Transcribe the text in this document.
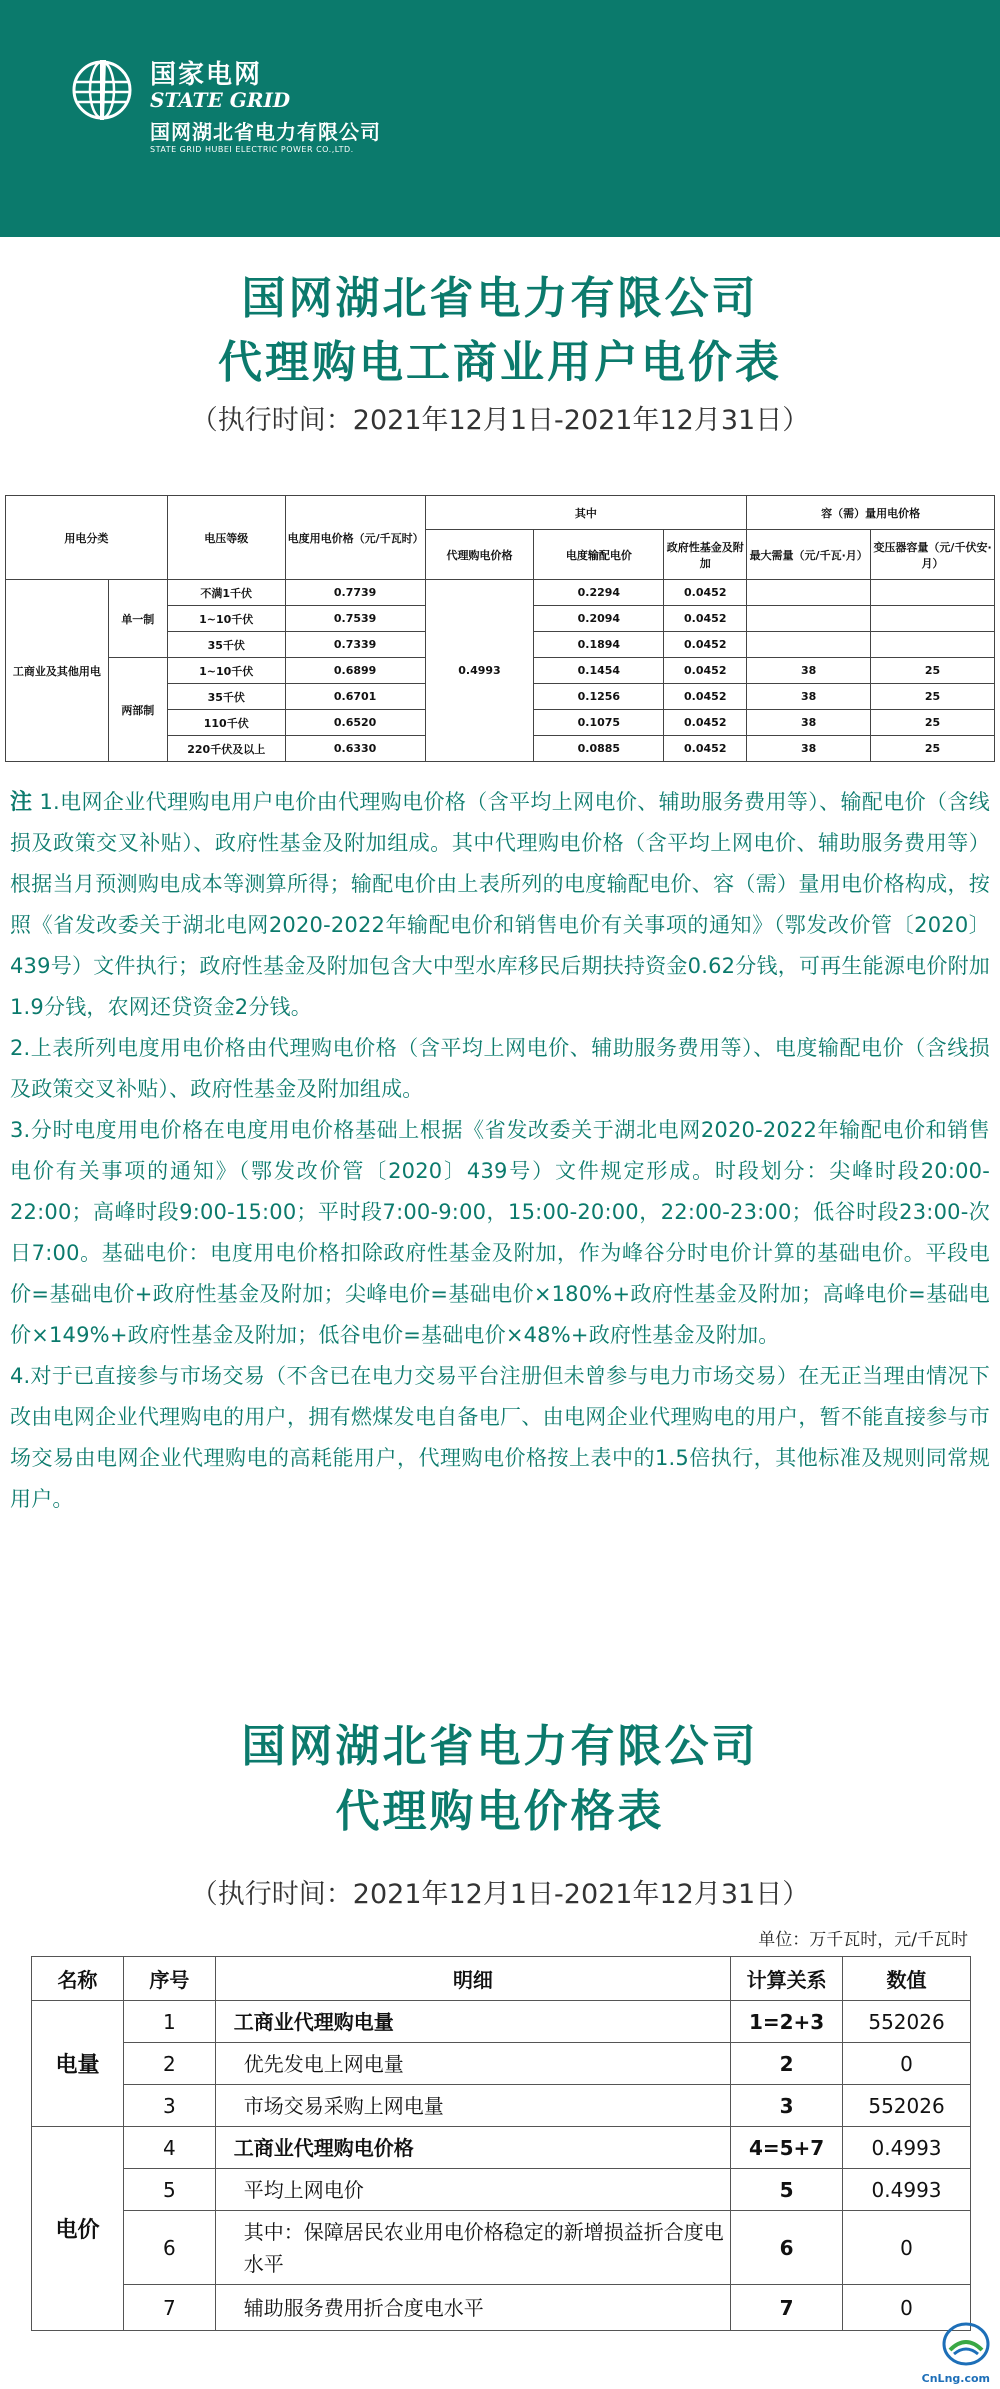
国家电网
STATE GRID
国网湖北省电力有限公司
STATE GRID HUBEI ELECTRIC POWER CO.,LTD.
国网湖北省电力有限公司
代理购电工商业用户电价表
（执行时间：2021年12月1日-2021年12月31日）
用电分类		电压等级	电度用电价格（元/千瓦时）	其中			容（需）量用电价格	
				代理购电价格	电度输配电价	政府性基金及附加	最大需量（元/千瓦·月）	变压器容量（元/千伏安·月）
工商业及其他用电	单一制	不满1千伏	0.7739	0.4993	0.2294	0.0452		
		1~10千伏	0.7539		0.2094	0.0452		
		35千伏	0.7339		0.1894	0.0452		
	两部制	1~10千伏	0.6899		0.1454	0.0452	38	25
		35千伏	0.6701		0.1256	0.0452	38	25
		110千伏	0.6520		0.1075	0.0452	38	25
		220千伏及以上	0.6330		0.0885	0.0452	38	25

注 1.电网企业代理购电用户电价由代理购电价格（含平均上网电价、辅助服务费用等）、输配电价（含线损及政策交叉补贴）、政府性基金及附加组成。其中代理购电价格（含平均上网电价、辅助服务费用等）根据当月预测购电成本等测算所得；输配电价由上表所列的电度输配电价、容（需）量用电价格构成，按照《省发改委关于湖北电网2020-2022年输配电价和销售电价有关事项的通知》（鄂发改价管〔2020〕439号）文件执行；政府性基金及附加包含大中型水库移民后期扶持资金0.62分钱，可再生能源电价附加1.9分钱，农网还贷资金2分钱。

2.上表所列电度用电价格由代理购电价格（含平均上网电价、辅助服务费用等）、电度输配电价（含线损及政策交叉补贴）、政府性基金及附加组成。

3.分时电度用电价格在电度用电价格基础上根据《省发改委关于湖北电网2020-2022年输配电价和销售电价有关事项的通知》（鄂发改价管〔2020〕439号）文件规定形成。时段划分：尖峰时段20:00-22:00；高峰时段9:00-15:00；平时段7:00-9:00，15:00-20:00，22:00-23:00；低谷时段23:00-次日7:00。基础电价：电度用电价格扣除政府性基金及附加，作为峰谷分时电价计算的基础电价。平段电价=基础电价+政府性基金及附加；尖峰电价=基础电价×180%+政府性基金及附加；高峰电价=基础电价×149%+政府性基金及附加；低谷电价=基础电价×48%+政府性基金及附加。

4.对于已直接参与市场交易（不含已在电力交易平台注册但未曾参与电力市场交易）在无正当理由情况下改由电网企业代理购电的用户，拥有燃煤发电自备电厂、由电网企业代理购电的用户，暂不能直接参与市场交易由电网企业代理购电的高耗能用户，代理购电价格按上表中的1.5倍执行，其他标准及规则同常规用户。

国网湖北省电力有限公司
代理购电价格表
（执行时间：2021年12月1日-2021年12月31日）
单位：万千瓦时，元/千瓦时
名称	序号	明细	计算关系	数值
电量	1	工商业代理购电量	1=2+3	552026
	2	优先发电上网电量	2	0
	3	市场交易采购上网电量	3	552026
电价	4	工商业代理购电价格	4=5+7	0.4993
	5	平均上网电价	5	0.4993
	6	其中：保障居民农业用电价格稳定的新增损益折合度电水平	6	0
	7	辅助服务费用折合度电水平	7	0
CnLng.com
